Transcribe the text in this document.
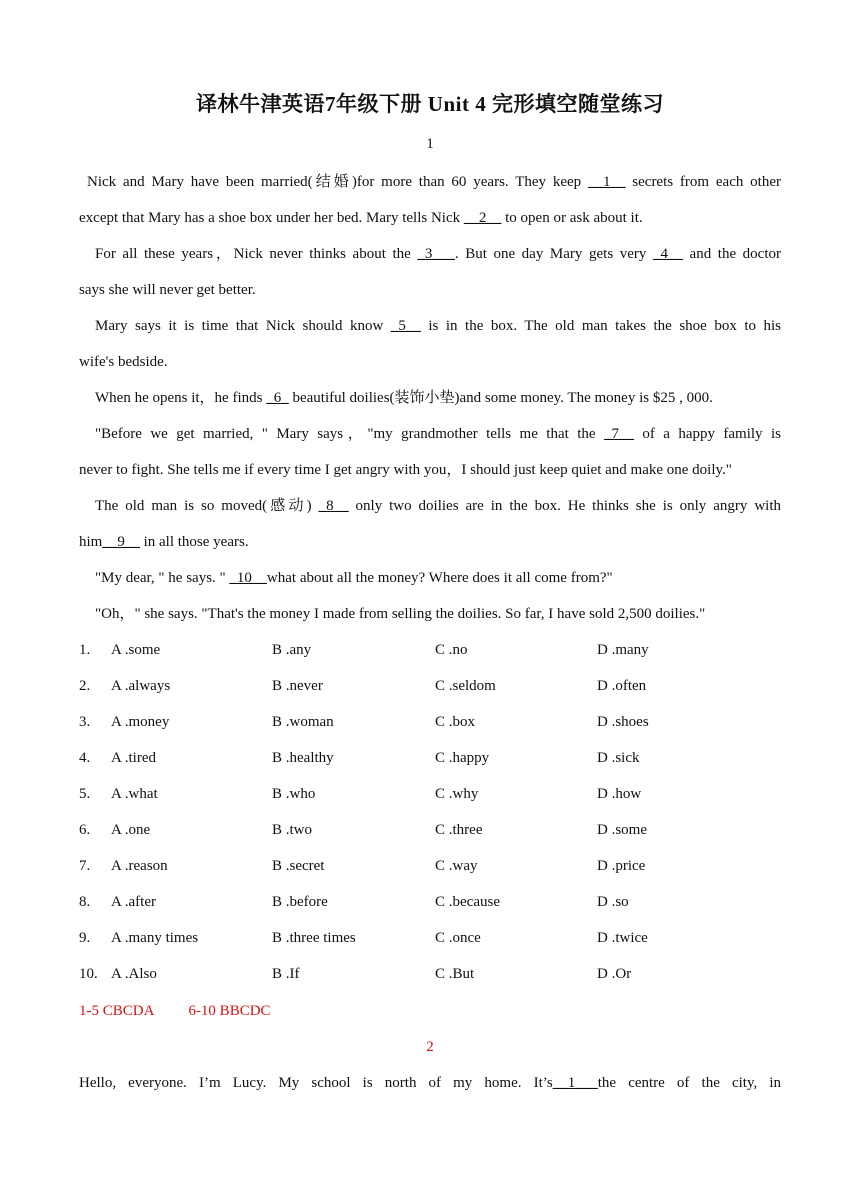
译林牛津英语7年级下册 Unit 4 完形填空随堂练习
1
Nick and Mary have been married(结婚)for more than 60 years. They keep __1__ secrets from each other
except that Mary has a shoe box under her bed. Mary tells Nick __2__ to open or ask about it.
For all these years，Nick never thinks about the _3___. But one day Mary gets very _4__ and the doctor
says she will never get better.
Mary says it is time that Nick should know _5__ is in the box. The old man takes the shoe box to his
wife's bedside.
When he opens it，he finds _6_ beautiful doilies(装饰小垫)and some money. The money is $25 , 000.
"Before we get married, " Mary says，"my grandmother tells me that the _7__ of a happy family is
never to fight. She tells me if every time I get angry with you，I should just keep quiet and make one doily."
The old man is so moved(感动) _8__ only two doilies are in the box. He thinks she is only angry with
him__9__ in all those years.
"My dear, " he says. " _10__what about all the money? Where does it all come from?"
"Oh，" she says. "That's the money I made from selling the doilies. So far, I have sold 2,500 doilies."
1. A .some	B .any	C .no	D .many
2. A .always	B .never	C .seldom	D .often
3. A .money	B .woman	C .box	D .shoes
4. A .tired	B .healthy	C .happy	D .sick
5. A .what	B .who	C .why	D .how
6. A .one	B .two	C .three	D .some
7. A .reason	B .secret	C .way	D .price
8. A .after	B .before	C .because	D .so
9. A .many times	B .three times	C .once	D .twice
10. A .Also	B .If	C .But	D .Or
1-5 CBCDA 6-10 BBCDC
2
Hello, everyone. I’m Lucy. My school is north of my home. It’s__1___the centre of the city, in
